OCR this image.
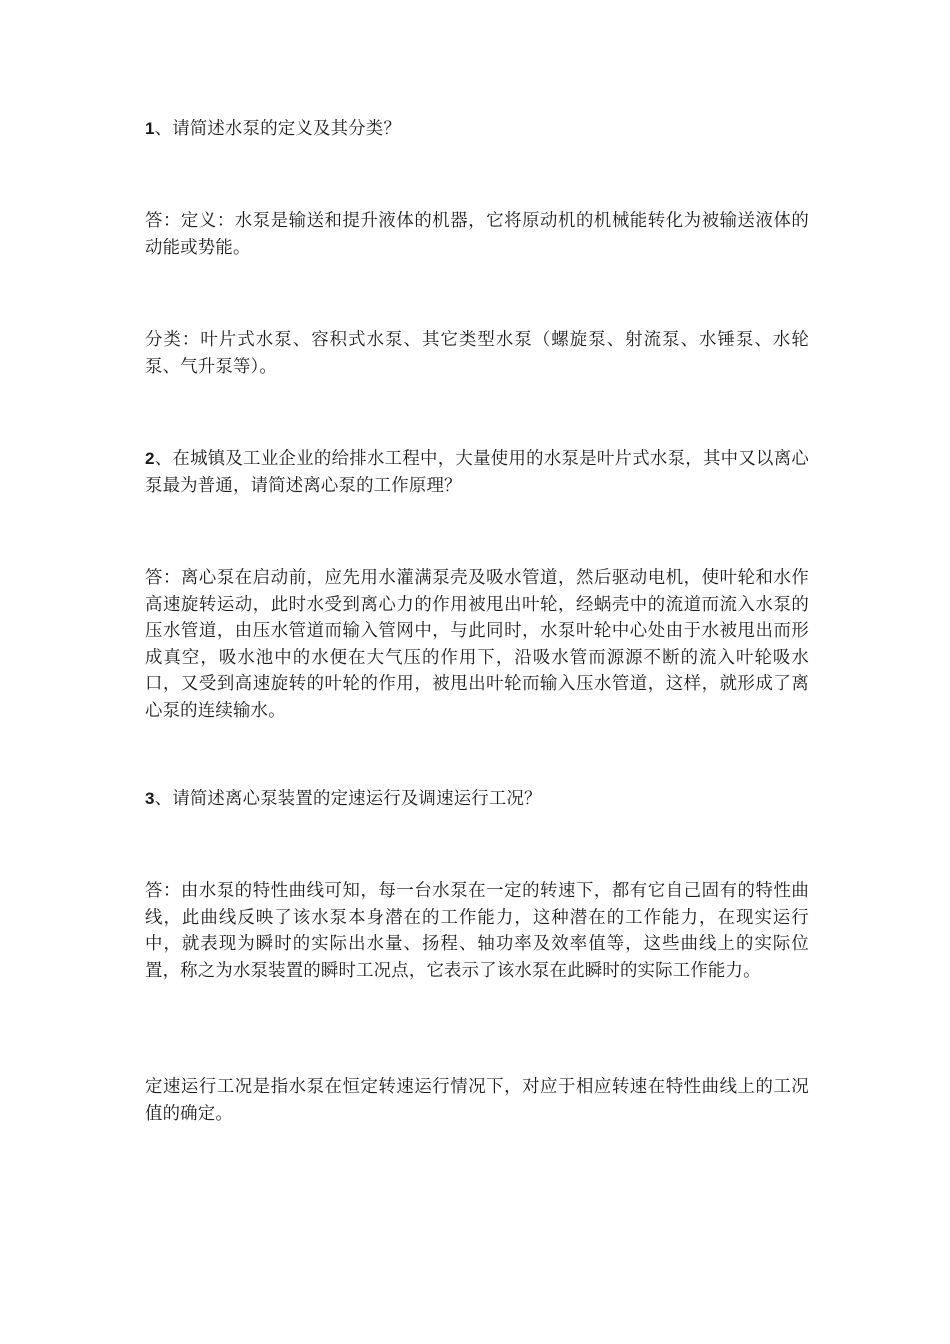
1、请简述水泵的定义及其分类？

答：定义：水泵是输送和提升液体的机器，它将原动机的机械能转化为被输送液体的动能或势能。

分类：叶片式水泵、容积式水泵、其它类型水泵（螺旋泵、射流泵、水锤泵、水轮泵、气升泵等）。

2、在城镇及工业企业的给排水工程中，大量使用的水泵是叶片式水泵，其中又以离心泵最为普通，请简述离心泵的工作原理？

答：离心泵在启动前，应先用水灌满泵壳及吸水管道，然后驱动电机，使叶轮和水作高速旋转运动，此时水受到离心力的作用被甩出叶轮，经蜗壳中的流道而流入水泵的压水管道，由压水管道而输入管网中，与此同时，水泵叶轮中心处由于水被甩出而形成真空，吸水池中的水便在大气压的作用下，沿吸水管而源源不断的流入叶轮吸水口，又受到高速旋转的叶轮的作用，被甩出叶轮而输入压水管道，这样，就形成了离心泵的连续输水。

3、请简述离心泵装置的定速运行及调速运行工况？

答：由水泵的特性曲线可知，每一台水泵在一定的转速下，都有它自己固有的特性曲线，此曲线反映了该水泵本身潜在的工作能力，这种潜在的工作能力，在现实运行中，就表现为瞬时的实际出水量、扬程、轴功率及效率值等，这些曲线上的实际位置，称之为水泵装置的瞬时工况点，它表示了该水泵在此瞬时的实际工作能力。

定速运行工况是指水泵在恒定转速运行情况下，对应于相应转速在特性曲线上的工况值的确定。
